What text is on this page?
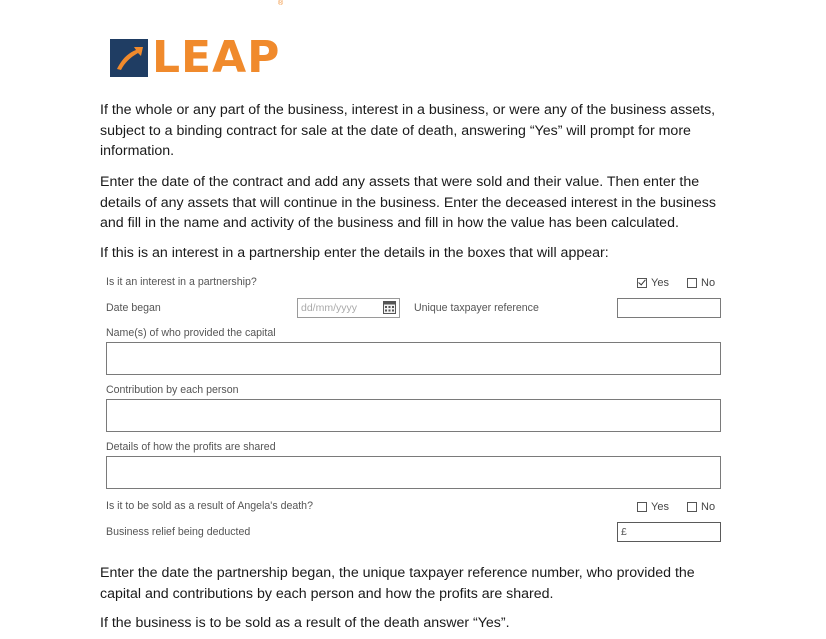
LEAP
®

If the whole or any part of the business, interest in a business, or were any of the business assets, subject to a binding contract for sale at the date of death, answering “Yes” will prompt for more information.

Enter the date of the contract and add any assets that were sold and their value. Then enter the details of any assets that will continue in the business. Enter the deceased interest in the business and fill in the name and activity of the business and fill in how the value has been calculated.

If this is an interest in a partnership enter the details in the boxes that will appear:

Is it an interest in a partnership?	Yes	No
Date began	dd/mm/yyyy	Unique taxpayer reference
Name(s) of who provided the capital
Contribution by each person
Details of how the profits are shared
Is it to be sold as a result of Angela's death?	Yes	No
Business relief being deducted	£

Enter the date the partnership began, the unique taxpayer reference number, who provided the capital and contributions by each person and how the profits are shared.

If the business is to be sold as a result of the death answer “Yes”.
